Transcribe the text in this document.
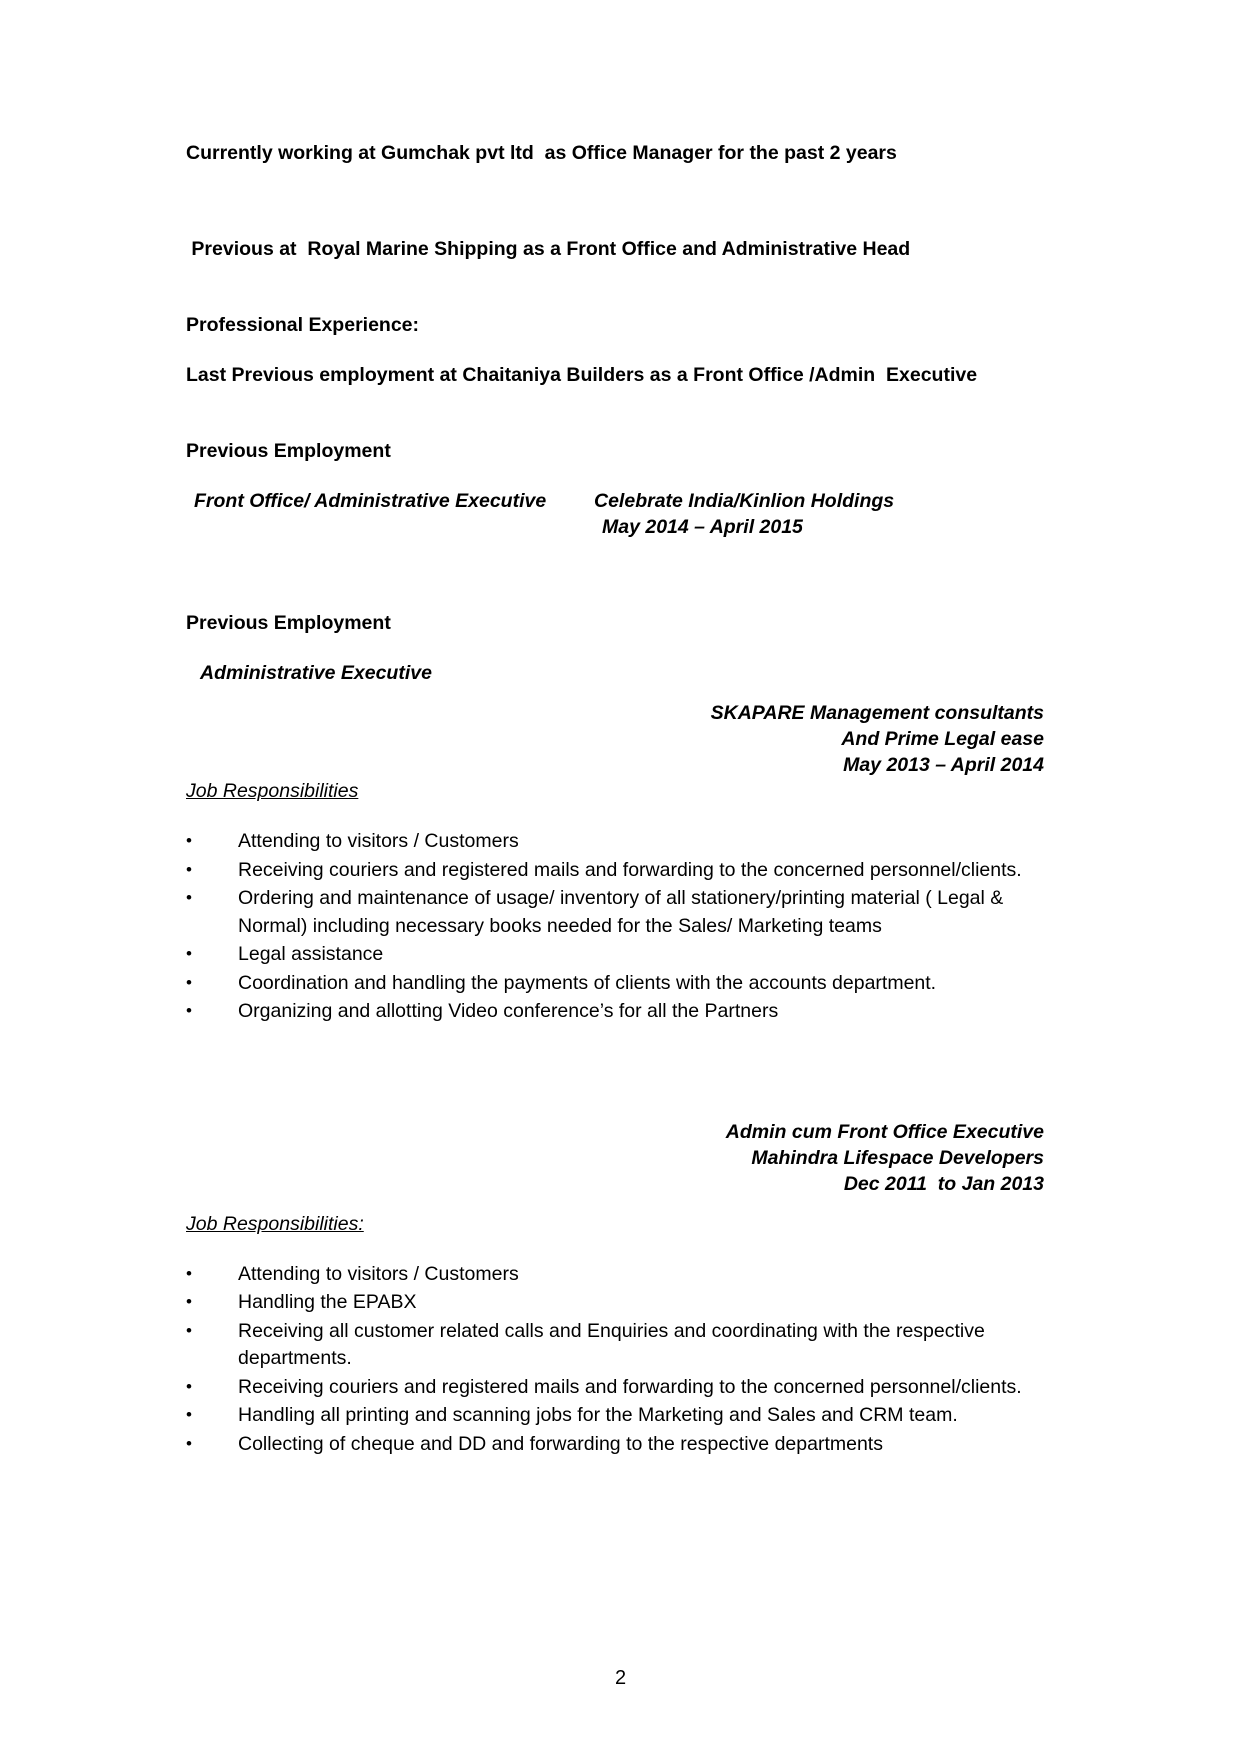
Currently working at Gumchak pvt ltd  as Office Manager for the past 2 years
Previous at  Royal Marine Shipping as a Front Office and Administrative Head
Professional Experience:
Last Previous employment at Chaitaniya Builders as a Front Office /Admin  Executive
Previous Employment
Front Office/ Administrative Executive	Celebrate India/Kinlion Holdings
May 2014 – April 2015
Previous Employment
Administrative Executive
SKAPARE Management consultants
And Prime Legal ease
May 2013 – April 2014
Job Responsibilities
• Attending to visitors / Customers
• Receiving couriers and registered mails and forwarding to the concerned personnel/clients.
• Ordering and maintenance of usage/ inventory of all stationery/printing material ( Legal & Normal) including necessary books needed for the Sales/ Marketing teams
• Legal assistance
• Coordination and handling the payments of clients with the accounts department.
• Organizing and allotting Video conference’s for all the Partners
Admin cum Front Office Executive
Mahindra Lifespace Developers
Dec 2011  to Jan 2013
Job Responsibilities:
• Attending to visitors / Customers
• Handling the EPABX
• Receiving all customer related calls and Enquiries and coordinating with the respective departments.
• Receiving couriers and registered mails and forwarding to the concerned personnel/clients.
• Handling all printing and scanning jobs for the Marketing and Sales and CRM team.
• Collecting of cheque and DD and forwarding to the respective departments
2
